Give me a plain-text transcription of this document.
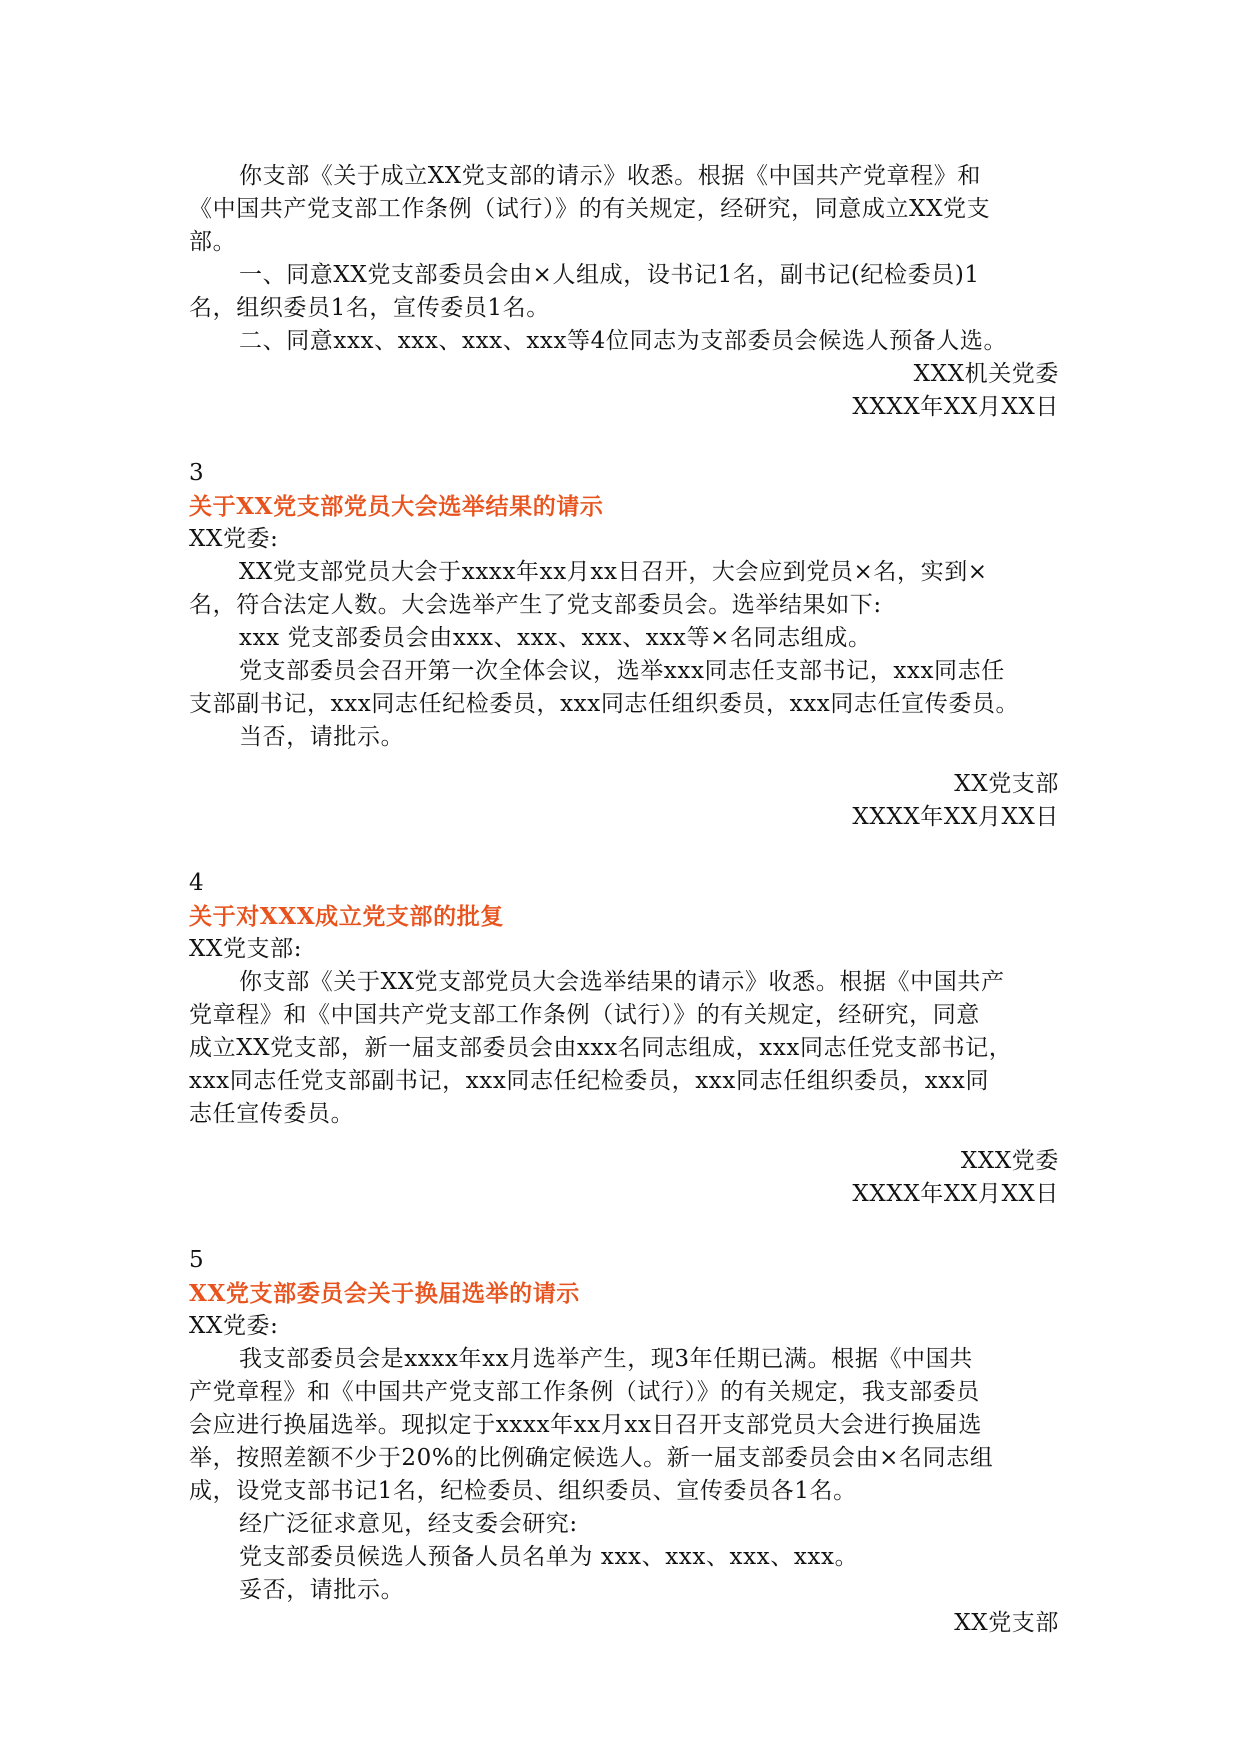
你支部《关于成立XX党支部的请示》收悉。根据《中国共产党章程》和

《中国共产党支部工作条例（试行）》的有关规定，经研究，同意成立XX党支

部。

一、同意XX党支部委员会由×人组成，设书记1名，副书记(纪检委员)1

名，组织委员1名，宣传委员1名。

二、同意xxx、xxx、xxx、xxx等4位同志为支部委员会候选人预备人选。

XXX机关党委

XXXX年XX月XX日

3

关于XX党支部党员大会选举结果的请示

XX党委:

XX党支部党员大会于xxxx年xx月xx日召开，大会应到党员×名，实到×

名，符合法定人数。大会选举产生了党支部委员会。选举结果如下:

xxx 党支部委员会由xxx、xxx、xxx、xxx等×名同志组成。

党支部委员会召开第一次全体会议，选举xxx同志任支部书记，xxx同志任

支部副书记，xxx同志任纪检委员，xxx同志任组织委员，xxx同志任宣传委员。

当否，请批示。

XX党支部

XXXX年XX月XX日

4

关于对XXX成立党支部的批复

XX党支部:

你支部《关于XX党支部党员大会选举结果的请示》收悉。根据《中国共产

党章程》和《中国共产党支部工作条例（试行）》的有关规定，经研究，同意

成立XX党支部，新一届支部委员会由xxx名同志组成，xxx同志任党支部书记，

xxx同志任党支部副书记，xxx同志任纪检委员，xxx同志任组织委员，xxx同

志任宣传委员。

XXX党委

XXXX年XX月XX日

5

XX党支部委员会关于换届选举的请示

XX党委:

我支部委员会是xxxx年xx月选举产生，现3年任期已满。根据《中国共

产党章程》和《中国共产党支部工作条例（试行）》的有关规定，我支部委员

会应进行换届选举。现拟定于xxxx年xx月xx日召开支部党员大会进行换届选

举，按照差额不少于20%的比例确定候选人。新一届支部委员会由×名同志组

成，设党支部书记1名，纪检委员、组织委员、宣传委员各1名。

经广泛征求意见，经支委会研究:

党支部委员候选人预备人员名单为 xxx、xxx、xxx、xxx。

妥否，请批示。

XX党支部
